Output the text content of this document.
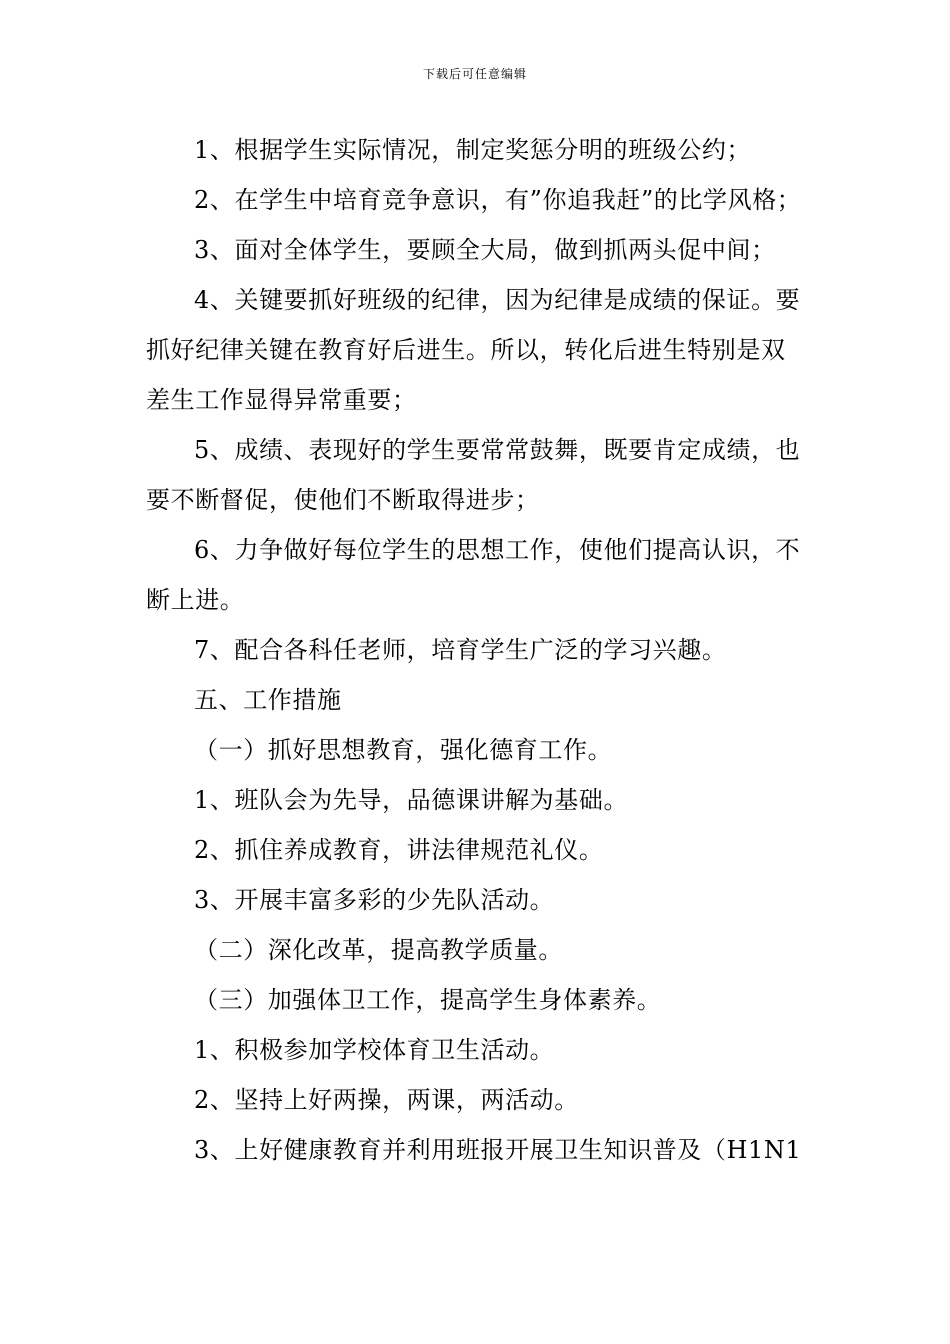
下载后可任意编辑

1、根据学生实际情况，制定奖惩分明的班级公约；

2、在学生中培育竞争意识，有”你追我赶”的比学风格；

3、面对全体学生，要顾全大局，做到抓两头促中间；

4、关键要抓好班级的纪律，因为纪律是成绩的保证。要抓好纪律关键在教育好后进生。所以，转化后进生特别是双差生工作显得异常重要；

5、成绩、表现好的学生要常常鼓舞，既要肯定成绩，也要不断督促，使他们不断取得进步；

6、力争做好每位学生的思想工作，使他们提高认识，不断上进。

7、配合各科任老师，培育学生广泛的学习兴趣。

五、工作措施

（一）抓好思想教育，强化德育工作。

1、班队会为先导，品德课讲解为基础。

2、抓住养成教育，讲法律规范礼仪。

3、开展丰富多彩的少先队活动。

（二）深化改革，提高教学质量。

（三）加强体卫工作，提高学生身体素养。

1、积极参加学校体育卫生活动。

2、坚持上好两操，两课，两活动。

3、上好健康教育并利用班报开展卫生知识普及（H1N1
